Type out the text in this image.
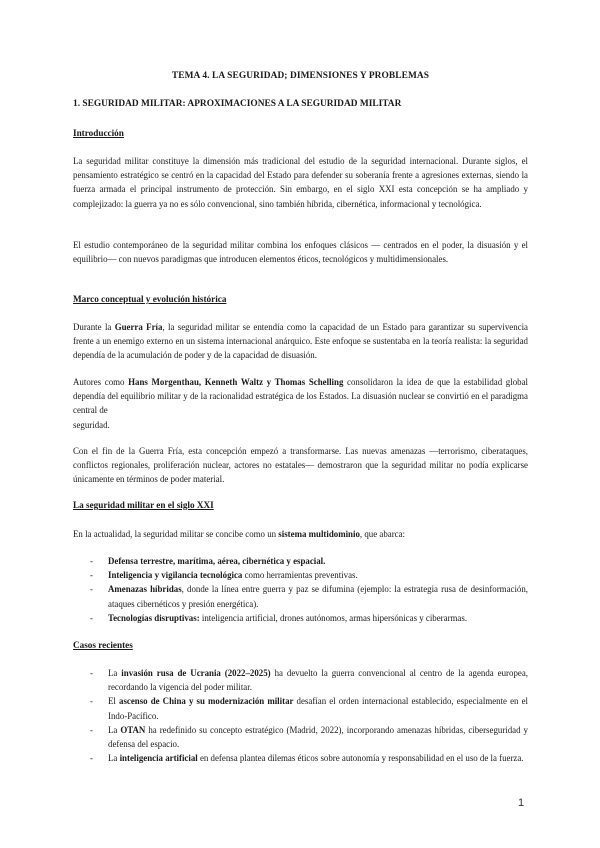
TEMA 4. LA SEGURIDAD; DIMENSIONES Y PROBLEMAS
1. SEGURIDAD MILITAR: APROXIMACIONES A LA SEGURIDAD MILITAR
Introducción
La seguridad militar constituye la dimensión más tradicional del estudio de la seguridad internacional. Durante siglos, el pensamiento estratégico se centró en la capacidad del Estado para defender su soberanía frente a agresiones externas, siendo la fuerza armada el principal instrumento de protección. Sin embargo, en el siglo XXI esta concepción se ha ampliado y complejizado: la guerra ya no es sólo convencional, sino también híbrida, cibernética, informacional y tecnológica.
El estudio contemporáneo de la seguridad militar combina los enfoques clásicos — centrados en el poder, la disuasión y el equilibrio— con nuevos paradigmas que introducen elementos éticos, tecnológicos y multidimensionales.
Marco conceptual y evolución histórica
Durante la Guerra Fría, la seguridad militar se entendía como la capacidad de un Estado para garantizar su supervivencia frente a un enemigo externo en un sistema internacional anárquico. Este enfoque se sustentaba en la teoría realista: la seguridad dependía de la acumulación de poder y de la capacidad de disuasión.
Autores como Hans Morgenthau, Kenneth Waltz y Thomas Schelling consolidaron la idea de que la estabilidad global dependía del equilibrio militar y de la racionalidad estratégica de los Estados. La disuasión nuclear se convirtió en el paradigma central de
seguridad.
Con el fin de la Guerra Fría, esta concepción empezó a transformarse. Las nuevas amenazas —terrorismo, ciberataques, conflictos regionales, proliferación nuclear, actores no estatales— demostraron que la seguridad militar no podía explicarse únicamente en términos de poder material.
La seguridad militar en el siglo XXI
En la actualidad, la seguridad militar se concibe como un sistema multidominio, que abarca:
- Defensa terrestre, marítima, aérea, cibernética y espacial.
- Inteligencia y vigilancia tecnológica como herramientas preventivas.
- Amenazas híbridas, donde la línea entre guerra y paz se difumina (ejemplo: la estrategia rusa de desinformación, ataques cibernéticos y presión energética).
- Tecnologías disruptivas: inteligencia artificial, drones autónomos, armas hipersónicas y ciberarmas.
Casos recientes
- La invasión rusa de Ucrania (2022–2025) ha devuelto la guerra convencional al centro de la agenda europea, recordando la vigencia del poder militar.
- El ascenso de China y su modernización militar desafían el orden internacional establecido, especialmente en el Indo-Pacífico.
- La OTAN ha redefinido su concepto estratégico (Madrid, 2022), incorporando amenazas híbridas, ciberseguridad y defensa del espacio.
- La inteligencia artificial en defensa plantea dilemas éticos sobre autonomía y responsabilidad en el uso de la fuerza.
1
